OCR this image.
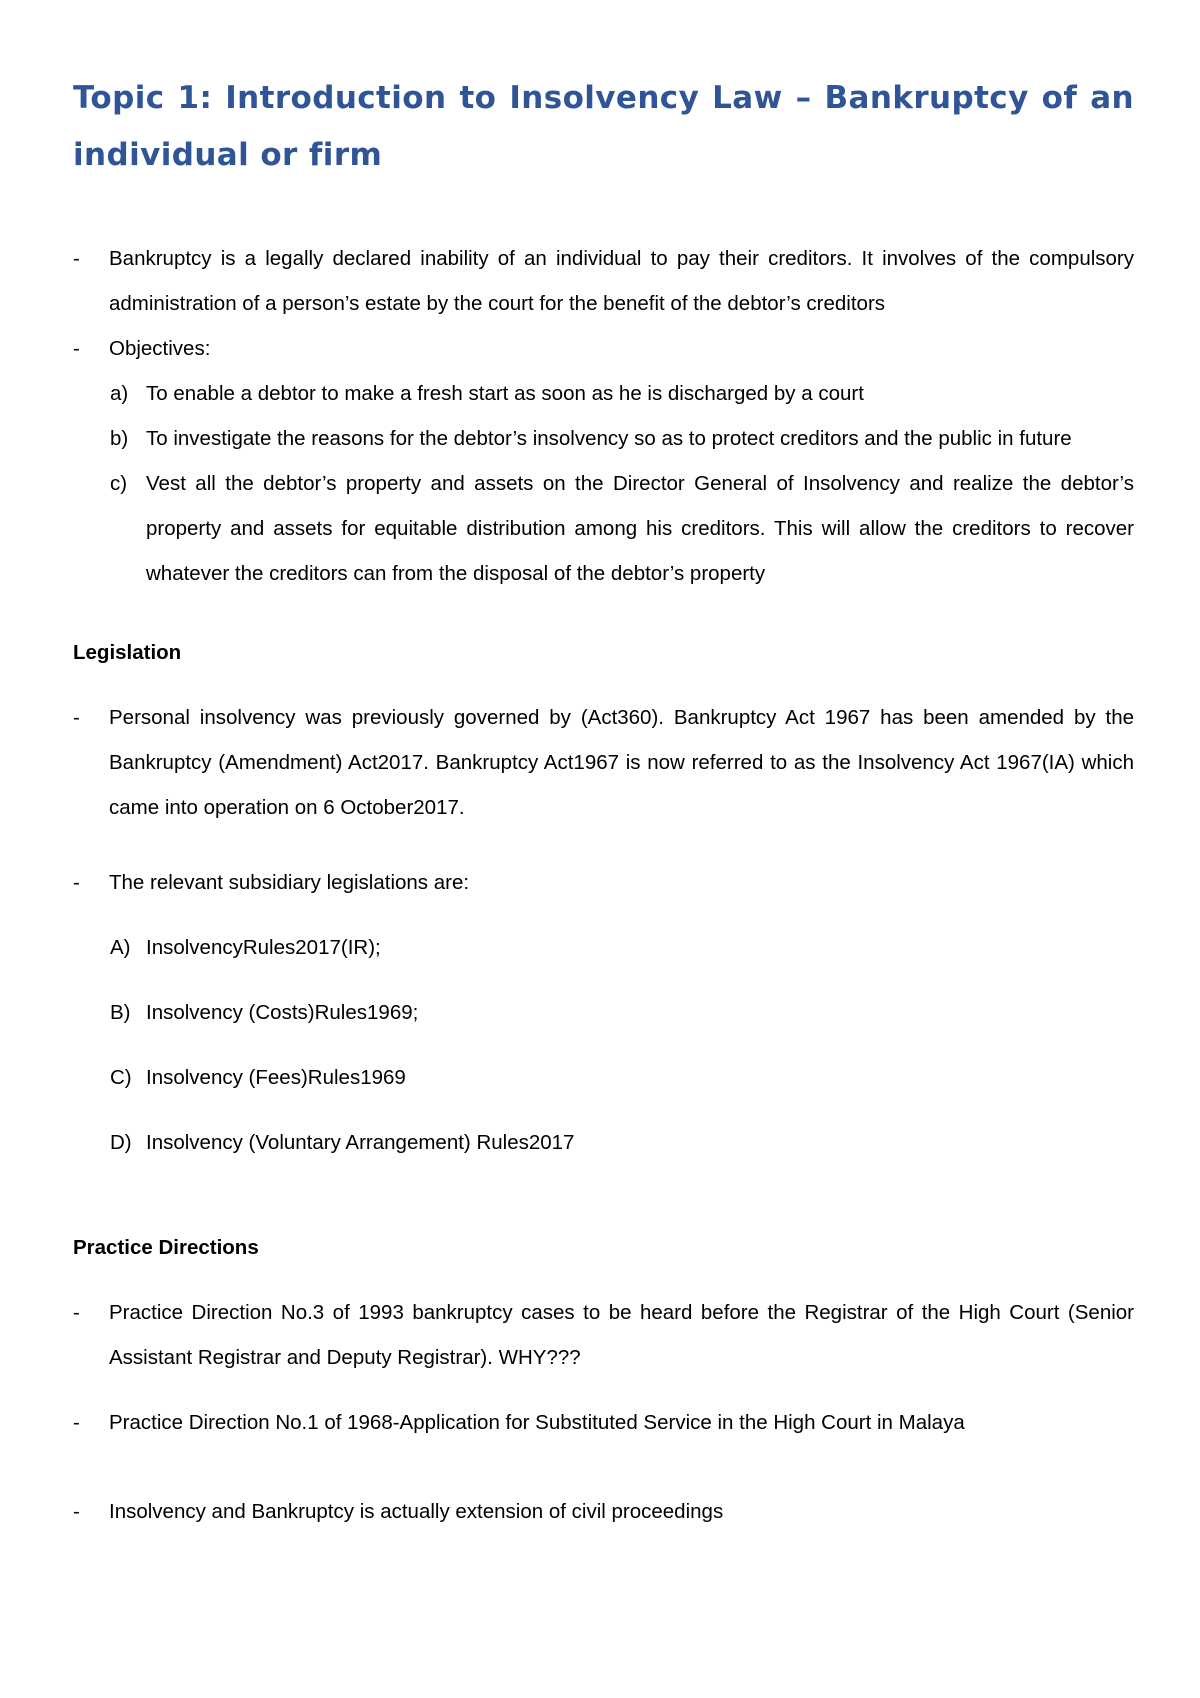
Topic 1: Introduction to Insolvency Law – Bankruptcy of an individual or firm
- Bankruptcy is a legally declared inability of an individual to pay their creditors. It involves of the compulsory administration of a person’s estate by the court for the benefit of the debtor’s creditors
- Objectives:
a) To enable a debtor to make a fresh start as soon as he is discharged by a court
b) To investigate the reasons for the debtor’s insolvency so as to protect creditors and the public in future
c) Vest all the debtor’s property and assets on the Director General of Insolvency and realize the debtor’s property and assets for equitable distribution among his creditors. This will allow the creditors to recover whatever the creditors can from the disposal of the debtor’s property
Legislation
- Personal insolvency was previously governed by (Act360). Bankruptcy Act 1967 has been amended by the Bankruptcy (Amendment) Act2017. Bankruptcy Act1967 is now referred to as the Insolvency Act 1967(IA) which came into operation on 6 October2017.
- The relevant subsidiary legislations are:
A) InsolvencyRules2017(IR);
B) Insolvency (Costs)Rules1969;
C) Insolvency (Fees)Rules1969
D) Insolvency (Voluntary Arrangement) Rules2017
Practice Directions
- Practice Direction No.3 of 1993 bankruptcy cases to be heard before the Registrar of the High Court (Senior Assistant Registrar and Deputy Registrar). WHY???
- Practice Direction No.1 of 1968-Application for Substituted Service in the High Court in Malaya
- Insolvency and Bankruptcy is actually extension of civil proceedings
